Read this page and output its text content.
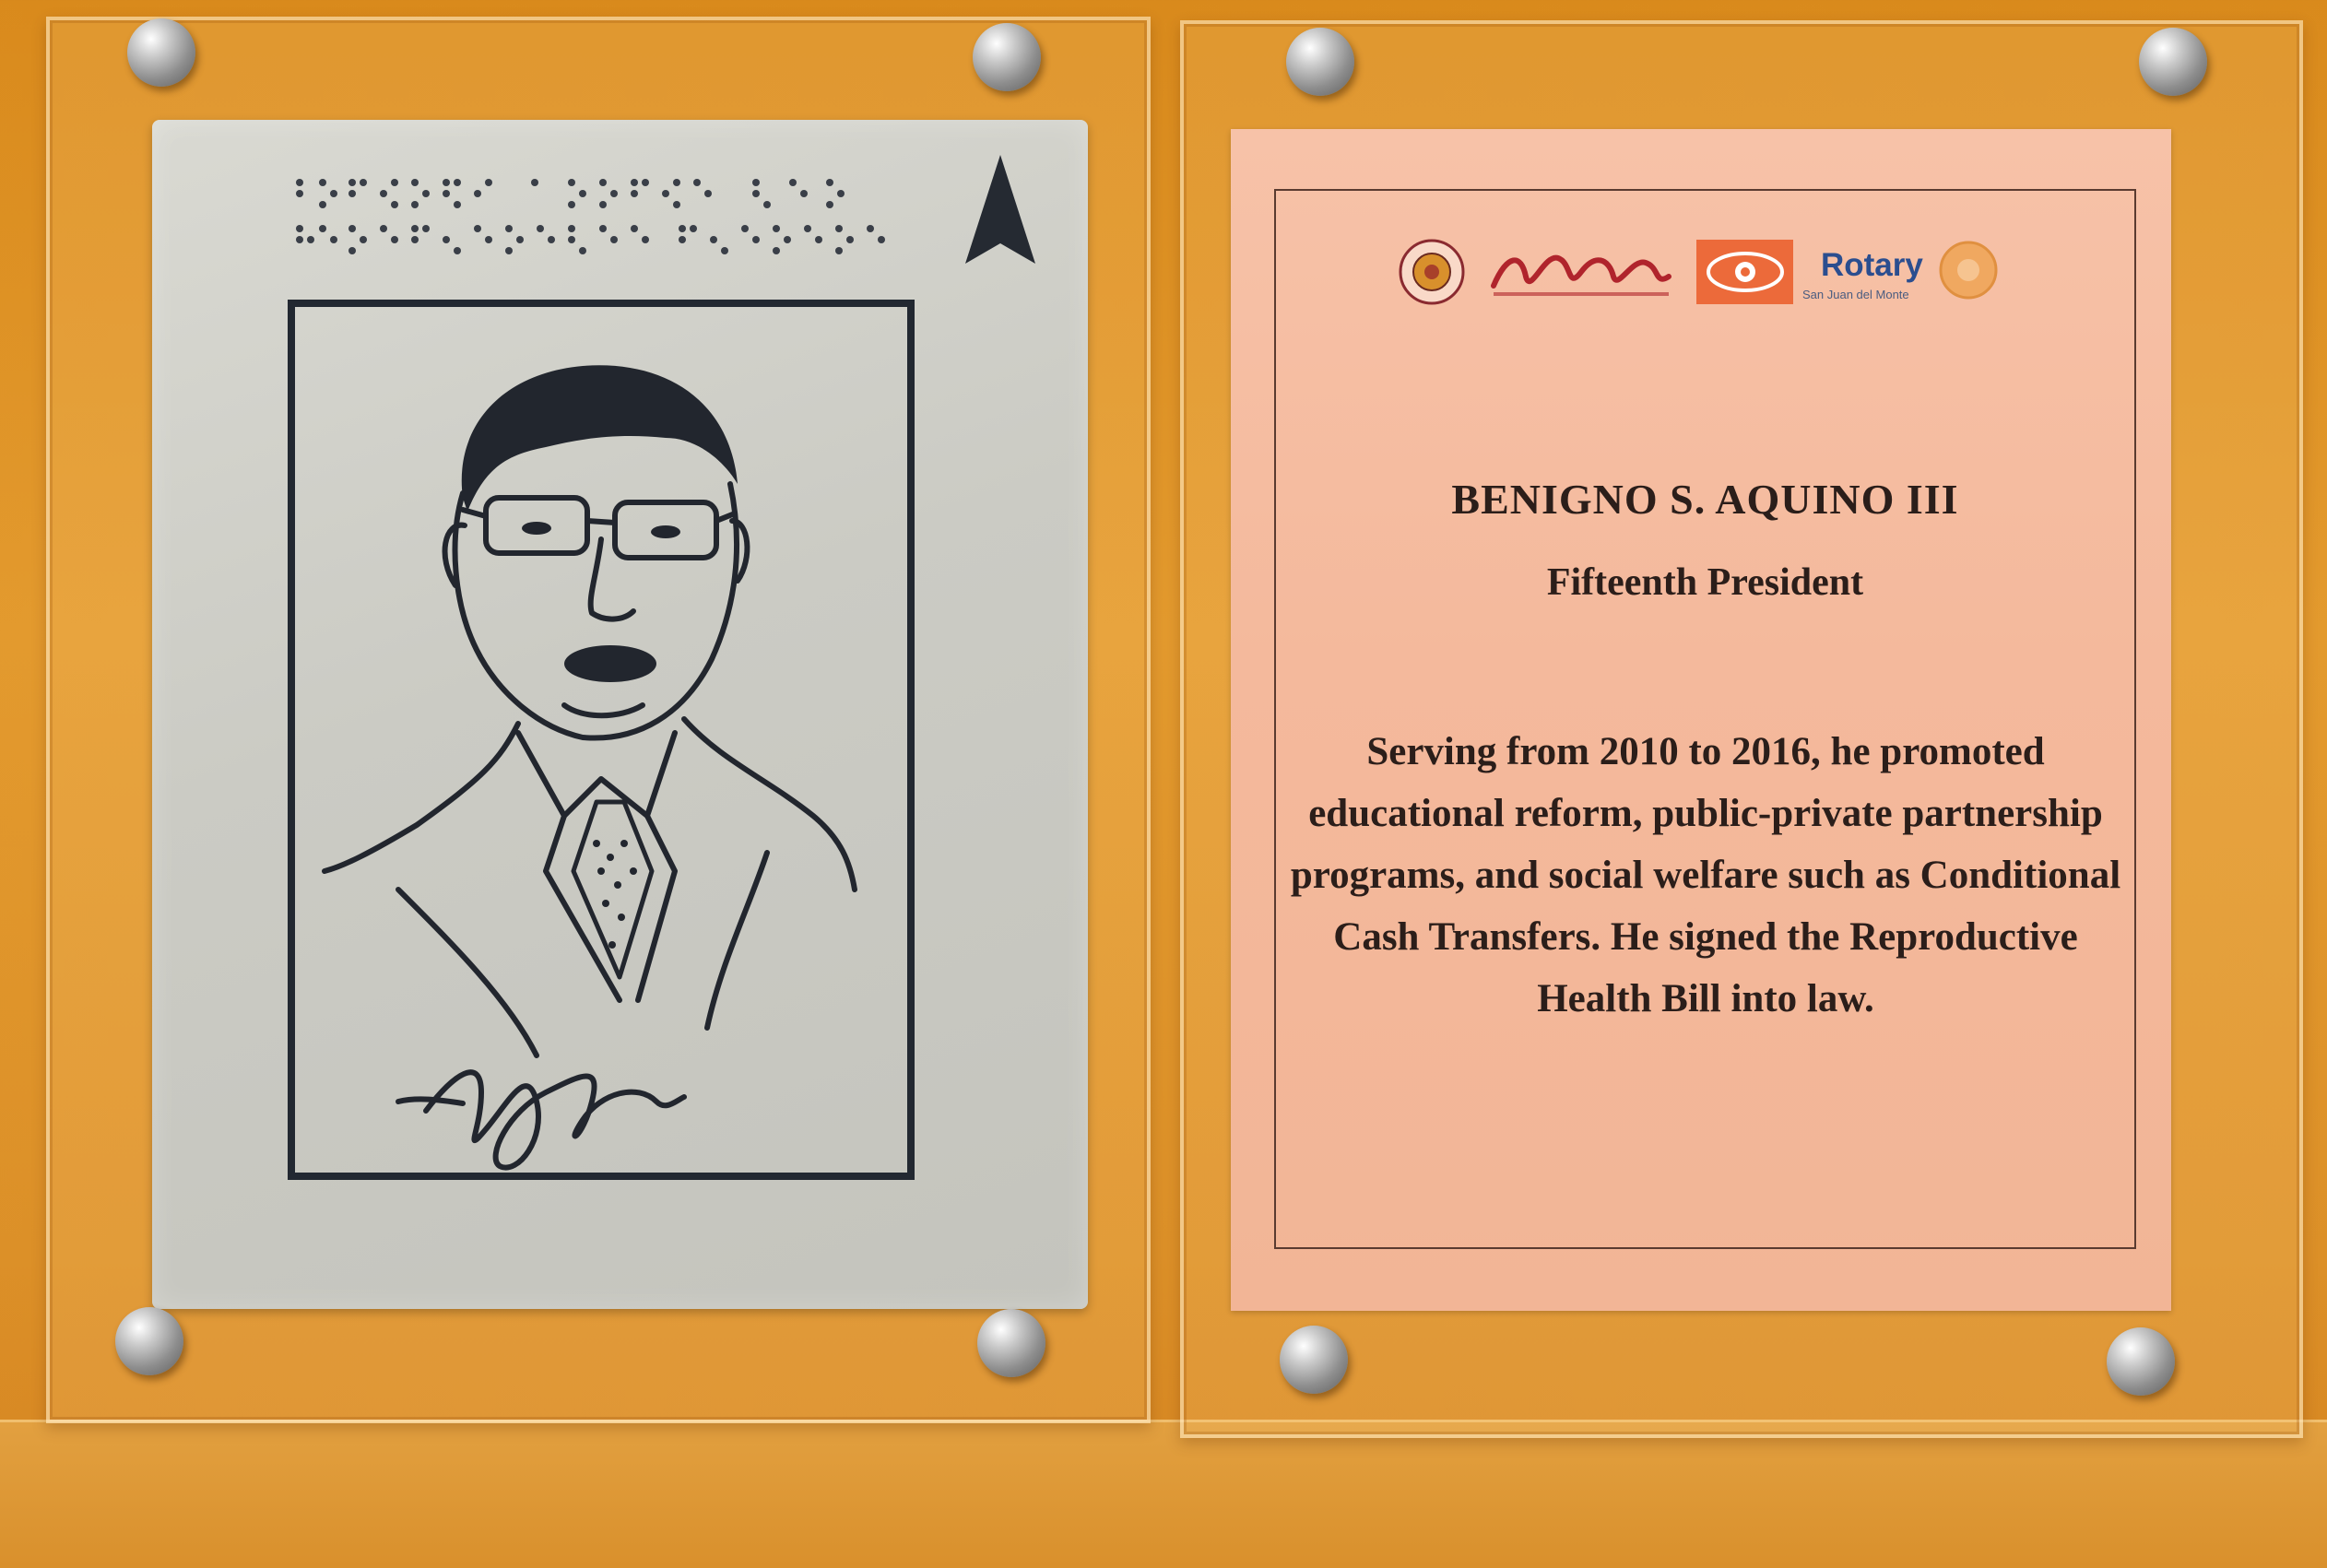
Rotary
San Juan del Monte
BENIGNO S. AQUINO III
Fifteenth President
Serving from 2010 to 2016, he promoted educational reform, public-private partnership programs, and social welfare such as Conditional Cash Transfers. He signed the Reproductive Health Bill into law.
